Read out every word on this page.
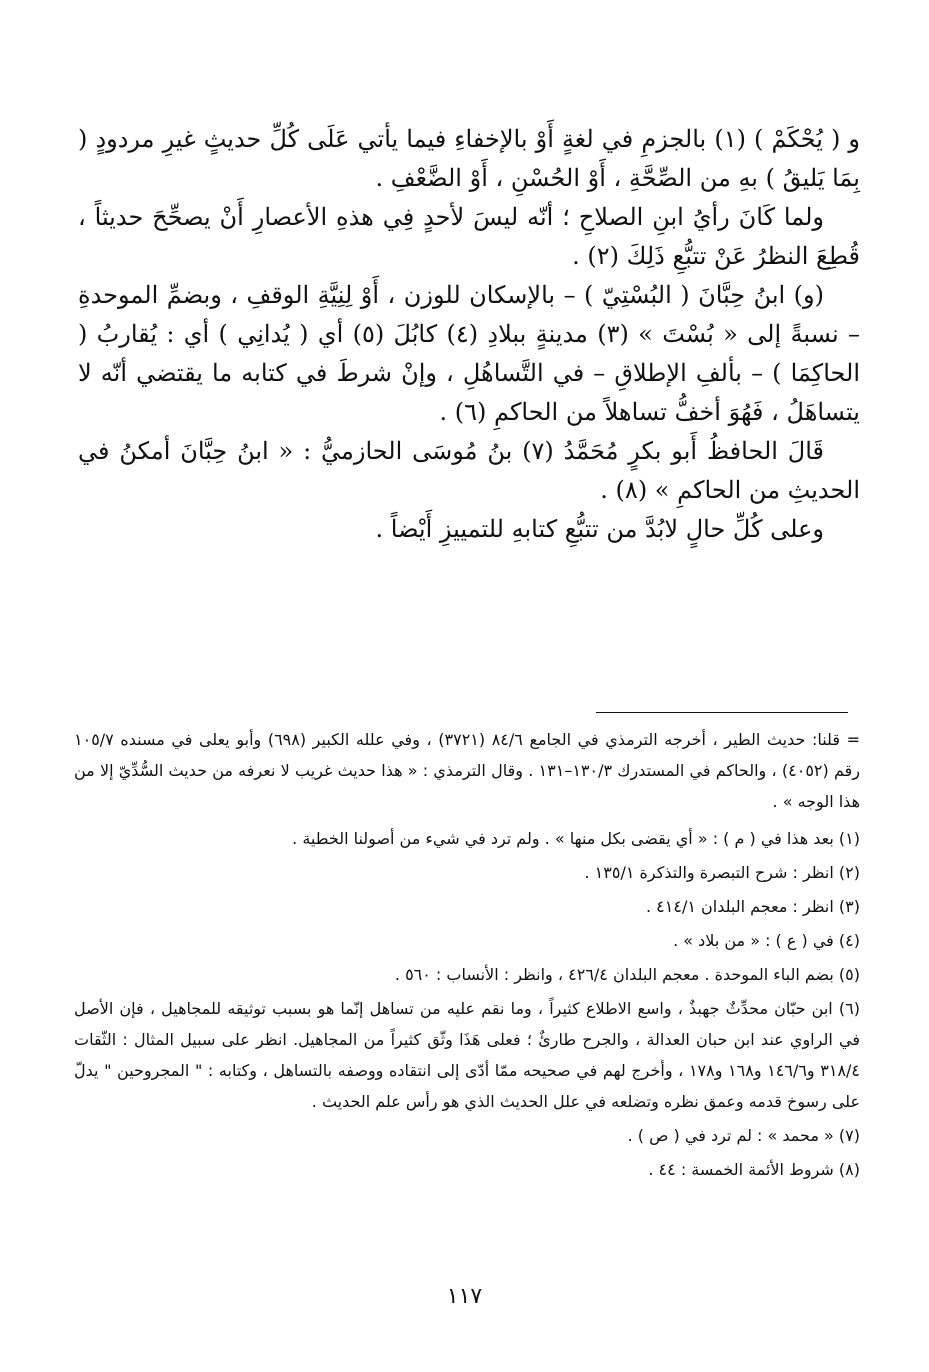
و ( يُحْكَمْ ) (١) بالجزمِ في لغةٍ أَوْ بالإخفاءِ فيما يأتي عَلَى كُلِّ حديثٍ غيرِ مردودٍ ( بِمَا يَليقُ ) بهِ من الصِّحَّةِ ، أَوْ الحُسْنِ ، أَوْ الضَّعْفِ .

ولما كَانَ رأيُ ابنِ الصلاحِ ؛ أنّه ليسَ لأحدٍ فِي هذهِ الأعصارِ أَنْ يصحِّحَ حديثاً ، قُطِعَ النظرُ عَنْ تتبُّعِ ذَلِكَ (٢) .

(و) ابنُ حِبَّانَ ( البُسْتِيّ ) – بالإسكان للوزن ، أَوْ لِنِيَّةِ الوقفِ ، وبضمِّ الموحدةِ – نسبةً إلى « بُسْتَ » (٣) مدينةٍ ببلادِ (٤) كابُلَ (٥) أي ( يُدانِي ) أي : يُقاربُ ( الحاكِمَا ) – بألفِ الإطلاقِ – في التَّساهُلِ ، وإنْ شرطَ في كتابه ما يقتضي أنّه لا يتساهَلُ ، فَهُوَ أخفُّ تساهلاً من الحاكمِ (٦) .

قَالَ الحافظُ أَبو بكرٍ مُحَمَّدُ (٧) بنُ مُوسَى الحازميُّ : « ابنُ حِبَّانَ أمكنُ في الحديثِ من الحاكمِ » (٨) .

وعلى كُلِّ حالٍ لابُدَّ من تتبُّعِ كتابهِ للتمييزِ أَيْضاً .

= قلنا: حديث الطير ، أخرجه الترمذي في الجامع ٨٤/٦ (٣٧٢١) ، وفي علله الكبير (٦٩٨) وأبو يعلى في مسنده ١٠٥/٧ رقم (٤٠٥٢) ، والحاكم في المستدرك ١٣٠/٣–١٣١ . وقال الترمذي : « هذا حديث غريب لا نعرفه من حديث السُّدِّيّ إلا من هذا الوجه » .

(١) بعد هذا في ( م ) : « أي يقضى بكل منها » . ولم ترد في شيء من أصولنا الخطية .

(٢) انظر : شرح التبصرة والتذكرة ١٣٥/١ .

(٣) انظر : معجم البلدان ٤١٤/١ .

(٤) في ( ع ) : « من بلاد » .

(٥) بضم الباء الموحدة . معجم البلدان ٤٢٦/٤ ، وانظر : الأنساب : ٥٦٠ .

(٦) ابن حبّان محدِّثٌ جهبذٌ ، واسع الاطلاع كثيراً ، وما نقم عليه من تساهل إنّما هو بسبب توثيقه للمجاهيل ، فإن الأصل في الراوي عند ابن حبان العدالة ، والجرح طارئٌ ؛ فعلى هَذَا وثّق كثيراً من المجاهيل. انظر على سبيل المثال : الثّقات ٣١٨/٤ و١٤٦/٦ و١٦٨ و١٧٨ ، وأخرج لهم في صحيحه ممّا أدّى إلى انتقاده ووصفه بالتساهل ، وكتابه : " المجروحين " يدلّ على رسوخ قدمه وعمق نظره وتضلعه في علل الحديث الذي هو رأس علم الحديث .

(٧) « محمد » : لم ترد في ( ص ) .

(٨) شروط الأئمة الخمسة : ٤٤ .

١١٧
